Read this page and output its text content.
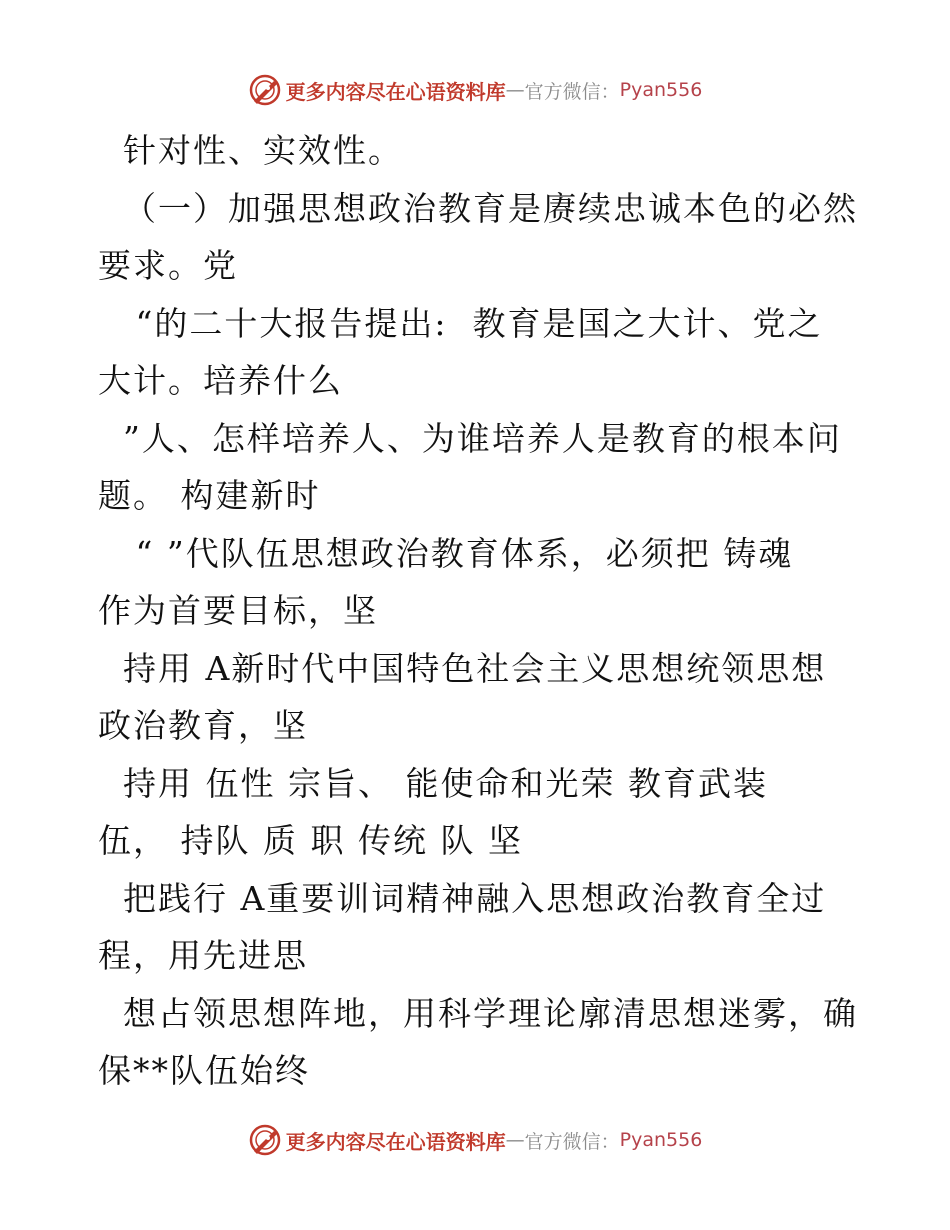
更多内容尽在心语资料库 — 官方微信： Pyan556
针对性、实效性。
（一）加强思想政治教育是赓续忠诚本色的必然
要求。党
“的二十大报告提出:  教育是国之大计、党之
大计。培养什么
”人、怎样培养人、为谁培养人是教育的根本问
题。 构建新时
“ ”代队伍思想政治教育体系，必须把 铸魂
作为首要目标，坚
持用 A新时代中国特色社会主义思想统领思想
政治教育，坚
持用 伍性 宗旨、 能使命和光荣 教育武装
伍， 持队 质 职 传统 队 坚
把践行 A重要训词精神融入思想政治教育全过
程，用先进思
想占领思想阵地，用科学理论廓清思想迷雾，确
保**队伍始终
更多内容尽在心语资料库 — 官方微信： Pyan556
